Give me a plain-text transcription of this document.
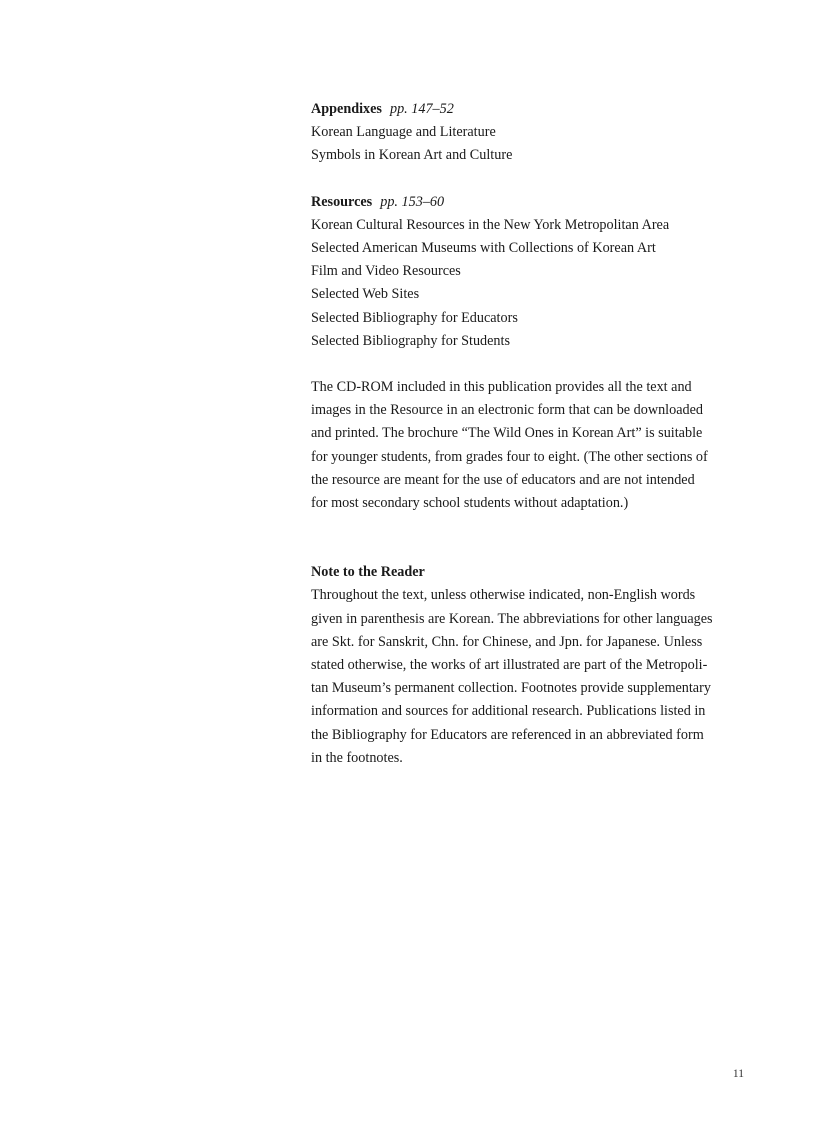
Appendixes pp. 147–52
Korean Language and Literature
Symbols in Korean Art and Culture
Resources pp. 153–60
Korean Cultural Resources in the New York Metropolitan Area
Selected American Museums with Collections of Korean Art
Film and Video Resources
Selected Web Sites
Selected Bibliography for Educators
Selected Bibliography for Students
The CD-ROM included in this publication provides all the text and
images in the Resource in an electronic form that can be downloaded
and printed. The brochure “The Wild Ones in Korean Art” is suitable
for younger students, from grades four to eight. (The other sections of
the resource are meant for the use of educators and are not intended
for most secondary school students without adaptation.)
Note to the Reader
Throughout the text, unless otherwise indicated, non-English words
given in parenthesis are Korean. The abbreviations for other languages
are Skt. for Sanskrit, Chn. for Chinese, and Jpn. for Japanese. Unless
stated otherwise, the works of art illustrated are part of the Metropoli-
tan Museum’s permanent collection. Footnotes provide supplementary
information and sources for additional research. Publications listed in
the Bibliography for Educators are referenced in an abbreviated form
in the footnotes.
11
